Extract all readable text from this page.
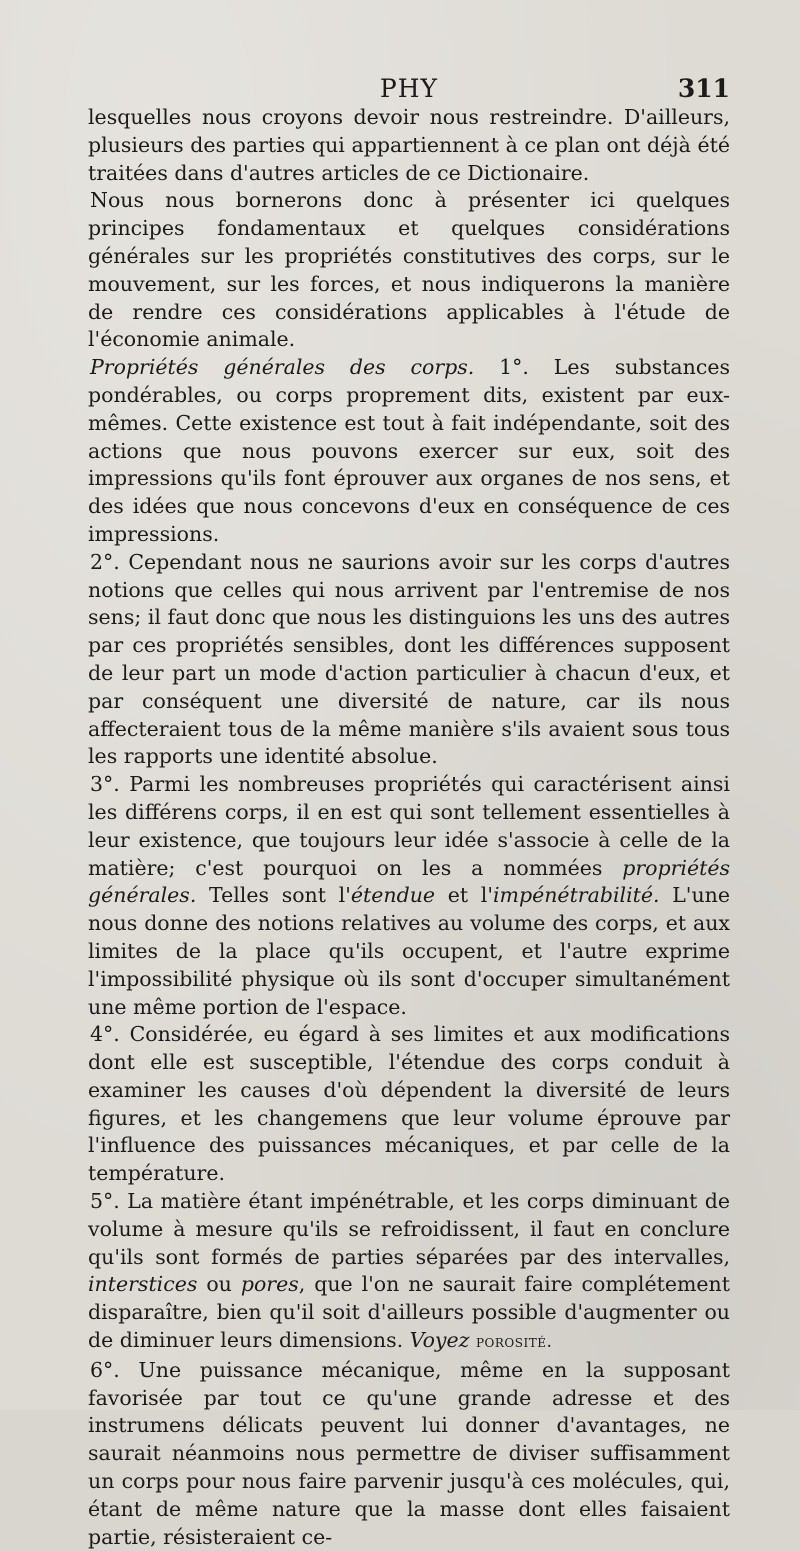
PHY	311

lesquelles nous croyons devoir nous restreindre. D'ailleurs, plusieurs des parties qui appartiennent à ce plan ont déjà été traitées dans d'autres articles de ce Dictionaire.

Nous nous bornerons donc à présenter ici quelques principes fondamentaux et quelques considérations générales sur les propriétés constitutives des corps, sur le mouvement, sur les forces, et nous indiquerons la manière de rendre ces considérations applicables à l'étude de l'économie animale.

Propriétés générales des corps. 1°. Les substances pondérables, ou corps proprement dits, existent par eux-mêmes. Cette existence est tout à fait indépendante, soit des actions que nous pouvons exercer sur eux, soit des impressions qu'ils font éprouver aux organes de nos sens, et des idées que nous concevons d'eux en conséquence de ces impressions.

2°. Cependant nous ne saurions avoir sur les corps d'autres notions que celles qui nous arrivent par l'entremise de nos sens; il faut donc que nous les distinguions les uns des autres par ces propriétés sensibles, dont les différences supposent de leur part un mode d'action particulier à chacun d'eux, et par conséquent une diversité de nature, car ils nous affecteraient tous de la même manière s'ils avaient sous tous les rapports une identité absolue.

3°. Parmi les nombreuses propriétés qui caractérisent ainsi les différens corps, il en est qui sont tellement essentielles à leur existence, que toujours leur idée s'associe à celle de la matière; c'est pourquoi on les a nommées propriétés générales. Telles sont l'étendue et l'impénétrabilité. L'une nous donne des notions relatives au volume des corps, et aux limites de la place qu'ils occupent, et l'autre exprime l'impossibilité physique où ils sont d'occuper simultanément une même portion de l'espace.

4°. Considérée, eu égard à ses limites et aux modifications dont elle est susceptible, l'étendue des corps conduit à examiner les causes d'où dépendent la diversité de leurs figures, et les changemens que leur volume éprouve par l'influence des puissances mécaniques, et par celle de la température.

5°. La matière étant impénétrable, et les corps diminuant de volume à mesure qu'ils se refroidissent, il faut en conclure qu'ils sont formés de parties séparées par des intervalles, interstices ou pores, que l'on ne saurait faire complétement disparaître, bien qu'il soit d'ailleurs possible d'augmenter ou de diminuer leurs dimensions. Voyez porosité.

6°. Une puissance mécanique, même en la supposant favorisée par tout ce qu'une grande adresse et des instrumens délicats peuvent lui donner d'avantages, ne saurait néanmoins nous permettre de diviser suffisamment un corps pour nous faire parvenir jusqu'à ces molécules, qui, étant de même nature que la masse dont elles faisaient partie, résisteraient ce-
